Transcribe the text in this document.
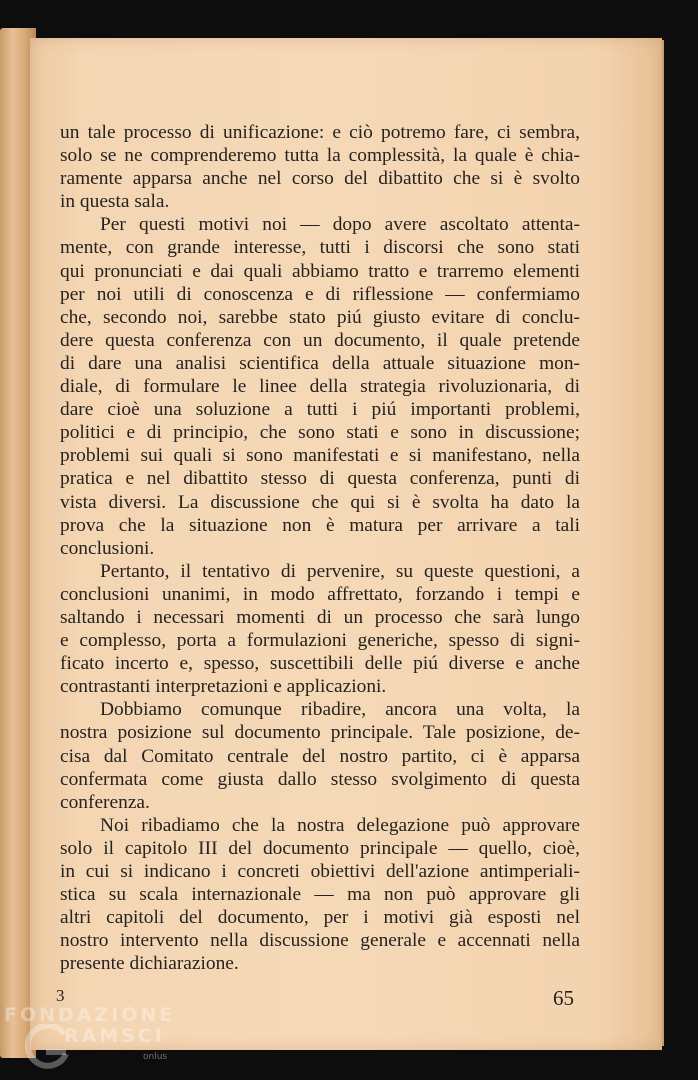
un tale processo di unificazione: e ciò potremo fare, ci sembra,
solo se ne comprenderemo tutta la complessità, la quale è chia-
ramente apparsa anche nel corso del dibattito che si è svolto
in questa sala.
Per questi motivi noi — dopo avere ascoltato attenta-
mente, con grande interesse, tutti i discorsi che sono stati
qui pronunciati e dai quali abbiamo tratto e trarremo elementi
per noi utili di conoscenza e di riflessione — confermiamo
che, secondo noi, sarebbe stato piú giusto evitare di conclu-
dere questa conferenza con un documento, il quale pretende
di dare una analisi scientifica della attuale situazione mon-
diale, di formulare le linee della strategia rivoluzionaria, di
dare cioè una soluzione a tutti i piú importanti problemi,
politici e di principio, che sono stati e sono in discussione;
problemi sui quali si sono manifestati e si manifestano, nella
pratica e nel dibattito stesso di questa conferenza, punti di
vista diversi. La discussione che qui si è svolta ha dato la
prova che la situazione non è matura per arrivare a tali
conclusioni.
Pertanto, il tentativo di pervenire, su queste questioni, a
conclusioni unanimi, in modo affrettato, forzando i tempi e
saltando i necessari momenti di un processo che sarà lungo
e complesso, porta a formulazioni generiche, spesso di signi-
ficato incerto e, spesso, suscettibili delle piú diverse e anche
contrastanti interpretazioni e applicazioni.
Dobbiamo comunque ribadire, ancora una volta, la
nostra posizione sul documento principale. Tale posizione, de-
cisa dal Comitato centrale del nostro partito, ci è apparsa
confermata come giusta dallo stesso svolgimento di questa
conferenza.
Noi ribadiamo che la nostra delegazione può approvare
solo il capitolo III del documento principale — quello, cioè,
in cui si indicano i concreti obiettivi dell'azione antimperiali-
stica su scala internazionale — ma non può approvare gli
altri capitoli del documento, per i motivi già esposti nel
nostro intervento nella discussione generale e accennati nella
presente dichiarazione.
3	65
FONDAZIONE
RAMSCI
onlus
